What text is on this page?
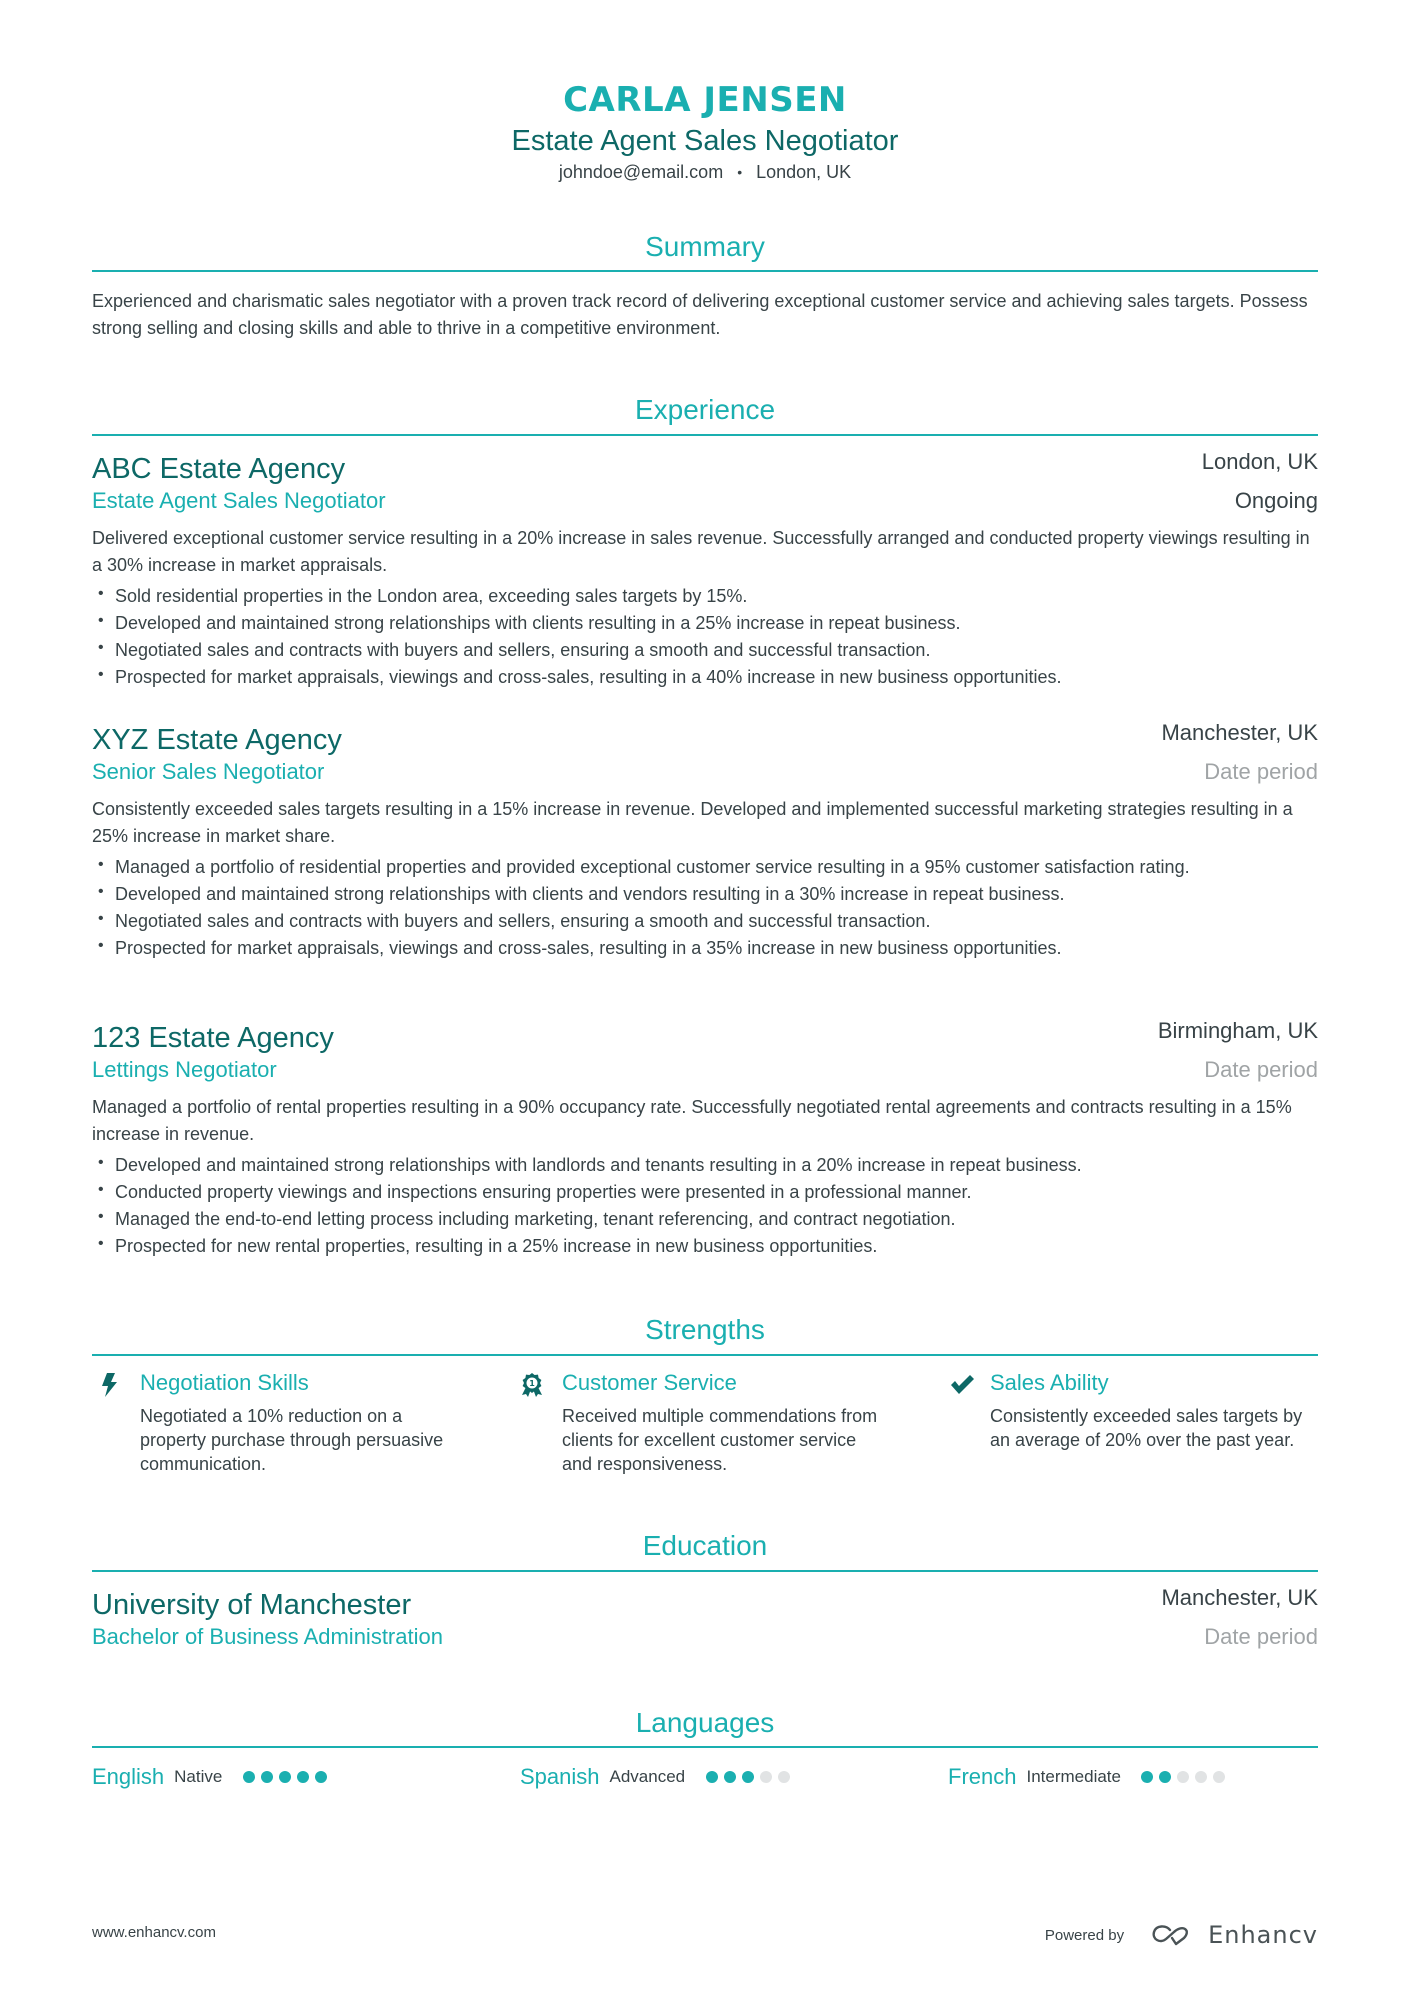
CARLA JENSEN
Estate Agent Sales Negotiator
johndoe@email.com • London, UK
Summary
Experienced and charismatic sales negotiator with a proven track record of delivering exceptional customer service and achieving sales targets. Possess strong selling and closing skills and able to thrive in a competitive environment.
Experience
ABC Estate Agency	London, UK
Estate Agent Sales Negotiator	Ongoing
Delivered exceptional customer service resulting in a 20% increase in sales revenue. Successfully arranged and conducted property viewings resulting in a 30% increase in market appraisals.
• Sold residential properties in the London area, exceeding sales targets by 15%.
• Developed and maintained strong relationships with clients resulting in a 25% increase in repeat business.
• Negotiated sales and contracts with buyers and sellers, ensuring a smooth and successful transaction.
• Prospected for market appraisals, viewings and cross-sales, resulting in a 40% increase in new business opportunities.
XYZ Estate Agency	Manchester, UK
Senior Sales Negotiator	Date period
Consistently exceeded sales targets resulting in a 15% increase in revenue. Developed and implemented successful marketing strategies resulting in a 25% increase in market share.
• Managed a portfolio of residential properties and provided exceptional customer service resulting in a 95% customer satisfaction rating.
• Developed and maintained strong relationships with clients and vendors resulting in a 30% increase in repeat business.
• Negotiated sales and contracts with buyers and sellers, ensuring a smooth and successful transaction.
• Prospected for market appraisals, viewings and cross-sales, resulting in a 35% increase in new business opportunities.
123 Estate Agency	Birmingham, UK
Lettings Negotiator	Date period
Managed a portfolio of rental properties resulting in a 90% occupancy rate. Successfully negotiated rental agreements and contracts resulting in a 15% increase in revenue.
• Developed and maintained strong relationships with landlords and tenants resulting in a 20% increase in repeat business.
• Conducted property viewings and inspections ensuring properties were presented in a professional manner.
• Managed the end-to-end letting process including marketing, tenant referencing, and contract negotiation.
• Prospected for new rental properties, resulting in a 25% increase in new business opportunities.
Strengths
Negotiation Skills
Negotiated a 10% reduction on a property purchase through persuasive communication.
1 Customer Service
Received multiple commendations from clients for excellent customer service and responsiveness.
Sales Ability
Consistently exceeded sales targets by an average of 20% over the past year.
Education
University of Manchester	Manchester, UK
Bachelor of Business Administration	Date period
Languages
English Native	Spanish Advanced	French Intermediate
www.enhancv.com	Powered by	Enhancv
